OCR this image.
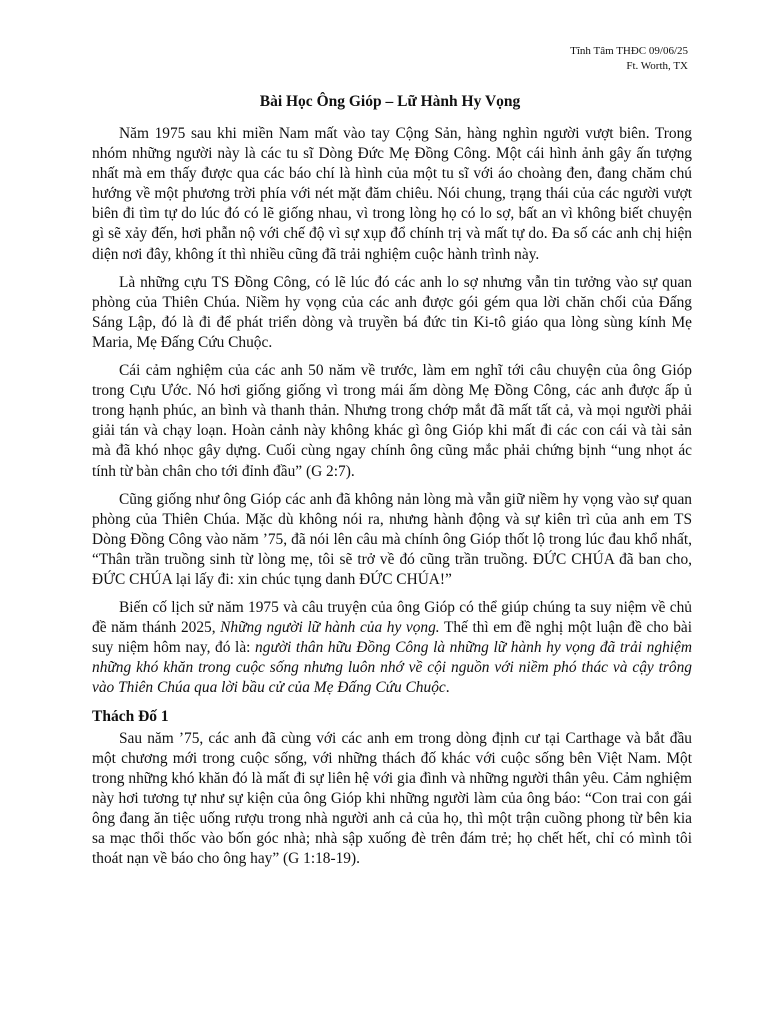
Tĩnh Tâm THĐC 09/06/25
Ft. Worth, TX
Bài Học Ông Gióp – Lữ Hành Hy Vọng

Năm 1975 sau khi miền Nam mất vào tay Cộng Sản, hàng nghìn người vượt biên. Trong nhóm những người này là các tu sĩ Dòng Đức Mẹ Đồng Công. Một cái hình ảnh gây ấn tượng nhất mà em thấy được qua các báo chí là hình của một tu sĩ với áo choàng đen, đang chăm chú hướng về một phương trời phía với nét mặt đăm chiêu. Nói chung, trạng thái của các người vượt biên đi tìm tự do lúc đó có lẽ giống nhau, vì trong lòng họ có lo sợ, bất an vì không biết chuyện gì sẽ xảy đến, hơi phẫn nộ với chế độ vì sự xụp đổ chính trị và mất tự do. Đa số các anh chị hiện diện nơi đây, không ít thì nhiều cũng đã trải nghiệm cuộc hành trình này.

Là những cựu TS Đồng Công, có lẽ lúc đó các anh lo sợ nhưng vẫn tin tưởng vào sự quan phòng của Thiên Chúa. Niềm hy vọng của các anh được gói gém qua lời chăn chối của Đấng Sáng Lập, đó là đi để phát triển dòng và truyền bá đức tin Ki-tô giáo qua lòng sùng kính Mẹ Maria, Mẹ Đấng Cứu Chuộc.

Cái cảm nghiệm của các anh 50 năm về trước, làm em nghĩ tới câu chuyện của ông Gióp trong Cựu Ước. Nó hơi giống giống vì trong mái ấm dòng Mẹ Đồng Công, các anh được ấp ủ trong hạnh phúc, an bình và thanh thản. Nhưng trong chớp mắt đã mất tất cả, và mọi người phải giải tán và chạy loạn. Hoàn cảnh này không khác gì ông Gióp khi mất đi các con cái và tài sản mà đã khó nhọc gây dựng. Cuối cùng ngay chính ông cũng mắc phải chứng bịnh “ung nhọt ác tính từ bàn chân cho tới đỉnh đầu” (G 2:7).

Cũng giống như ông Gióp các anh đã không nản lòng mà vẫn giữ niềm hy vọng vào sự quan phòng của Thiên Chúa. Mặc dù không nói ra, nhưng hành động và sự kiên trì của anh em TS Dòng Đồng Công vào năm ’75, đã nói lên câu mà chính ông Gióp thốt lộ trong lúc đau khổ nhất, “Thân trần truồng sinh từ lòng mẹ, tôi sẽ trở về đó cũng trần truồng. ĐỨC CHÚA đã ban cho, ĐỨC CHÚA lại lấy đi: xin chúc tụng danh ĐỨC CHÚA!”

Biến cố lịch sử năm 1975 và câu truyện của ông Gióp có thể giúp chúng ta suy niệm về chủ đề năm thánh 2025, Những người lữ hành của hy vọng. Thế thì em đề nghị một luận đề cho bài suy niệm hôm nay, đó là: người thân hữu Đồng Công là những lữ hành hy vọng đã trải nghiệm những khó khăn trong cuộc sống nhưng luôn nhớ về cội nguồn với niềm phó thác và cậy trông vào Thiên Chúa qua lời bầu cử của Mẹ Đấng Cứu Chuộc.

Thách Đố 1

Sau năm ’75, các anh đã cùng với các anh em trong dòng định cư tại Carthage và bắt đầu một chương mới trong cuộc sống, với những thách đố khác với cuộc sống bên Việt Nam. Một trong những khó khăn đó là mất đi sự liên hệ với gia đình và những người thân yêu. Cảm nghiệm này hơi tương tự như sự kiện của ông Gióp khi những người làm của ông báo: “Con trai con gái ông đang ăn tiệc uống rượu trong nhà người anh cả của họ, thì một trận cuồng phong từ bên kia sa mạc thổi thốc vào bốn góc nhà; nhà sập xuống đè trên đám trẻ; họ chết hết, chỉ có mình tôi thoát nạn về báo cho ông hay” (G 1:18-19).
